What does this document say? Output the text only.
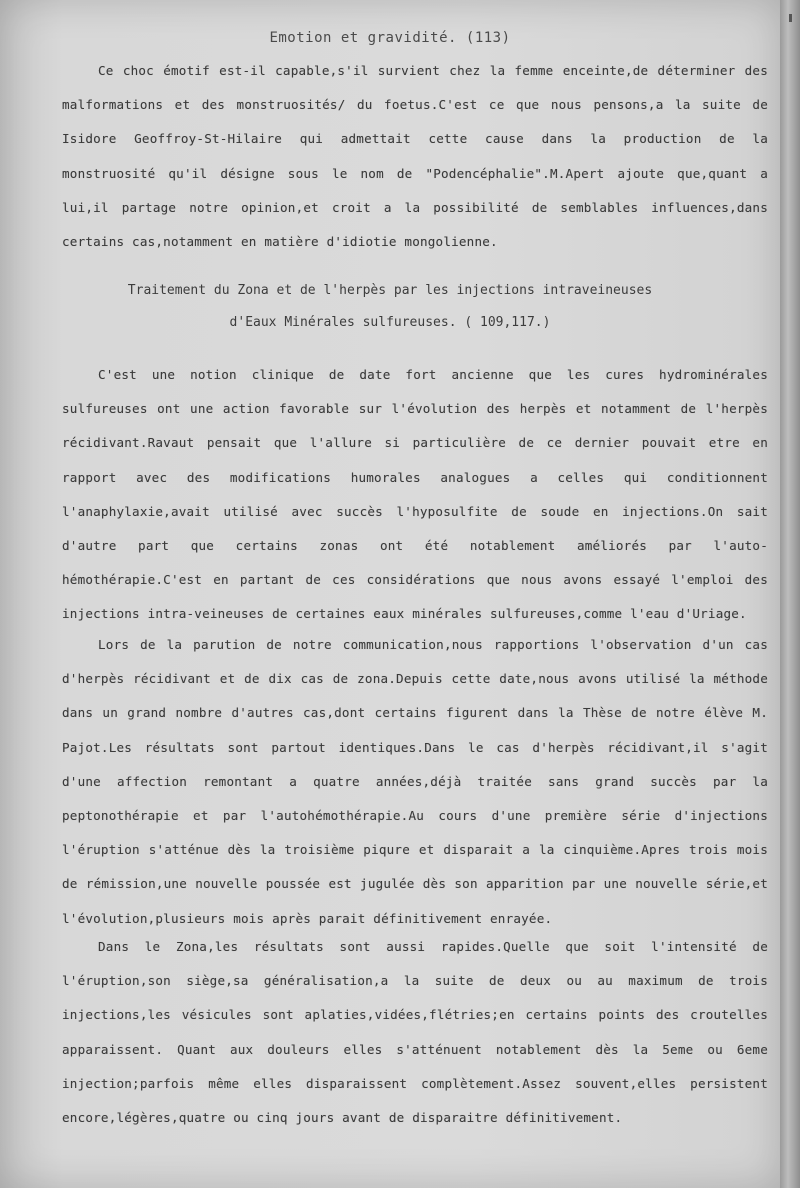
Emotion et gravidité. (113)
Ce choc émotif est-il capable,s'il survient chez la femme enceinte,de déterminer des malformations et des monstruosités/ du foetus.C'est ce que nous pensons,a la suite de Isidore Geoffroy-St-Hilaire qui admettait cette cause dans la production de la monstruosité qu'il désigne sous le nom de "Podencéphalie".M.Apert ajoute que,quant a lui,il partage notre opinion,et croit a la possibilité de semblables influences,dans certains cas,notamment en matière d'idiotie mongolienne.
Traitement du Zona et de l'herpès par les injections intraveineuses
d'Eaux Minérales sulfureuses. ( 109,117.)
C'est une notion clinique de date fort ancienne que les cures hydrominérales sulfureuses ont une action favorable sur l'évolution des herpès et notamment de l'herpès récidivant.Ravaut pensait que l'allure si particulière de ce dernier pouvait etre en rapport avec des modifications humorales analogues a celles qui conditionnent l'anaphylaxie,avait utilisé avec succès l'hyposulfite de soude en injections.On sait d'autre part que certains zonas ont été notablement améliorés par l'auto-hémothérapie.C'est en partant de ces considérations que nous avons essayé l'emploi des injections intra-veineuses de certaines eaux minérales sulfureuses,comme l'eau d'Uriage.
Lors de la parution de notre communication,nous rapportions l'observation d'un cas d'herpès récidivant et de dix cas de zona.Depuis cette date,nous avons utilisé la méthode dans un grand nombre d'autres cas,dont certains figurent dans la Thèse de notre élève M. Pajot.Les résultats sont partout identiques.Dans le cas d'herpès récidivant,il s'agit d'une affection remontant a quatre années,déjà traitée sans grand succès par la peptonothérapie et par l'autohémothérapie.Au cours d'une première série d'injections l'éruption s'atténue dès la troisième piqure et disparait a la cinquième.Apres trois mois de rémission,une nouvelle poussée est jugulée dès son apparition par une nouvelle série,et l'évolution,plusieurs mois après parait définitivement enrayée.
Dans le Zona,les résultats sont aussi rapides.Quelle que soit l'intensité de l'éruption,son siège,sa généralisation,a la suite de deux ou au maximum de trois injections,les vésicules sont aplaties,vidées,flétries;en certains points des croutelles apparaissent. Quant aux douleurs elles s'atténuent notablement dès la 5eme ou 6eme injection;parfois même elles disparaissent complètement.Assez souvent,elles persistent encore,légères,quatre ou cinq jours avant de disparaitre définitivement.
